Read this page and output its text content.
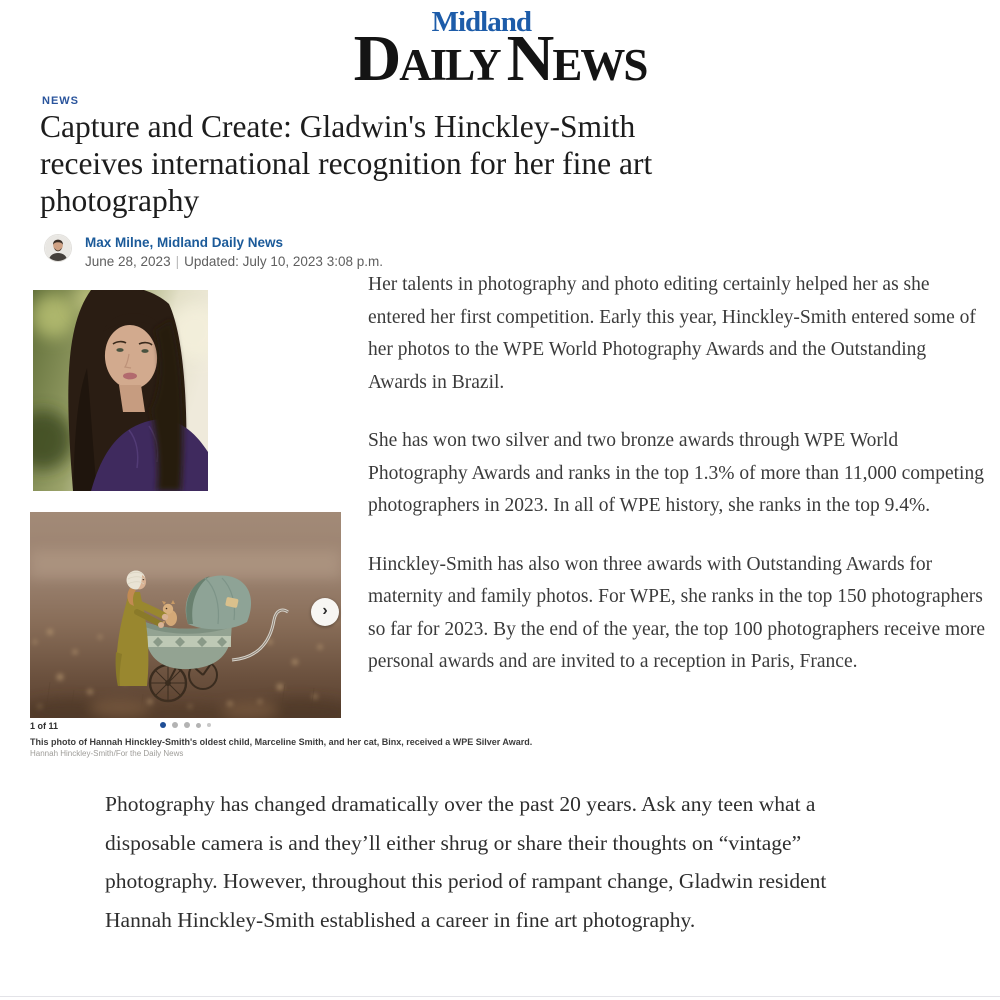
Midland
D AILY N EWS
NEWS
Capture and Create: Gladwin's Hinckley-Smith receives international recognition for her fine art photography
Max Milne, Midland Daily News
June 28, 2023 | Updated: July 10, 2023 3:08 p.m.
›
1 of 11
This photo of Hannah Hinckley-Smith's oldest child, Marceline Smith, and her cat, Binx, received a WPE Silver Award.
Hannah Hinckley-Smith/For the Daily News

Her talents in photography and photo editing certainly helped her as she entered her first competition. Early this year, Hinckley-Smith entered some of her photos to the WPE World Photography Awards and the Outstanding Awards in Brazil.

She has won two silver and two bronze awards through WPE World Photography Awards and ranks in the top 1.3% of more than 11,000 competing photographers in 2023. In all of WPE history, she ranks in the top 9.4%.

Hinckley-Smith has also won three awards with Outstanding Awards for maternity and family photos. For WPE, she ranks in the top 150 photographers so far for 2023. By the end of the year, the top 100 photographers receive more personal awards and are invited to a reception in Paris, France.

Photography has changed dramatically over the past 20 years. Ask any teen what a disposable camera is and they’ll either shrug or share their thoughts on “vintage” photography. However, throughout this period of rampant change, Gladwin resident Hannah Hinckley-Smith established a career in fine art photography.
